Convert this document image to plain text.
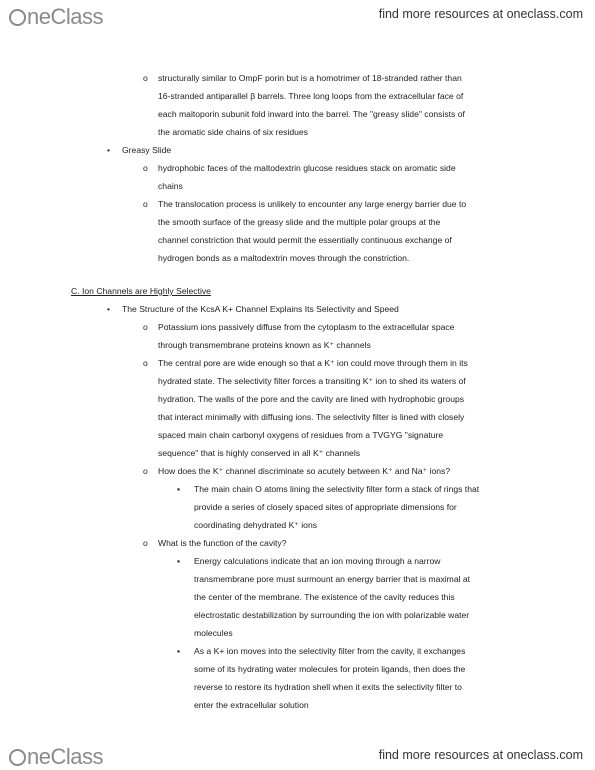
neClass	find more resources at oneclass.com
o structurally similar to OmpF porin but is a homotrimer of 18-stranded rather than
16-stranded antiparallel β barrels. Three long loops from the extracellular face of
each maltoporin subunit fold inward into the barrel. The "greasy slide" consists of
the aromatic side chains of six residues
• Greasy Slide
o hydrophobic faces of the maltodextrin glucose residues stack on aromatic side
chains
o The translocation process is unlikely to encounter any large energy barrier due to
the smooth surface of the greasy slide and the multiple polar groups at the
channel constriction that would permit the essentially continuous exchange of
hydrogen bonds as a maltodextrin moves through the constriction.
C. Ion Channels are Highly Selective
• The Structure of the KcsA K+ Channel Explains Its Selectivity and Speed
o Potassium ions passively diffuse from the cytoplasm to the extracellular space
through transmembrane proteins known as K⁺ channels
o The central pore are wide enough so that a K⁺ ion could move through them in its
hydrated state. The selectivity filter forces a transiting K⁺ ion to shed its waters of
hydration. The walls of the pore and the cavity are lined with hydrophobic groups
that interact minimally with diffusing ions. The selectivity filter is lined with closely
spaced main chain carbonyl oxygens of residues from a TVGYG "signature
sequence" that is highly conserved in all K⁺ channels
o How does the K⁺ channel discriminate so acutely between K⁺ and Na⁺ ions?
▪ The main chain O atoms lining the selectivity filter form a stack of rings that
provide a series of closely spaced sites of appropriate dimensions for
coordinating dehydrated K⁺ ions
o What is the function of the cavity?
▪ Energy calculations indicate that an ion moving through a narrow
transmembrane pore must surmount an energy barrier that is maximal at
the center of the membrane. The existence of the cavity reduces this
electrostatic destabilization by surrounding the ion with polarizable water
molecules
▪ As a K+ ion moves into the selectivity filter from the cavity, it exchanges
some of its hydrating water molecules for protein ligands, then does the
reverse to restore its hydration shell when it exits the selectivity filter to
enter the extracellular solution
neClass	find more resources at oneclass.com
